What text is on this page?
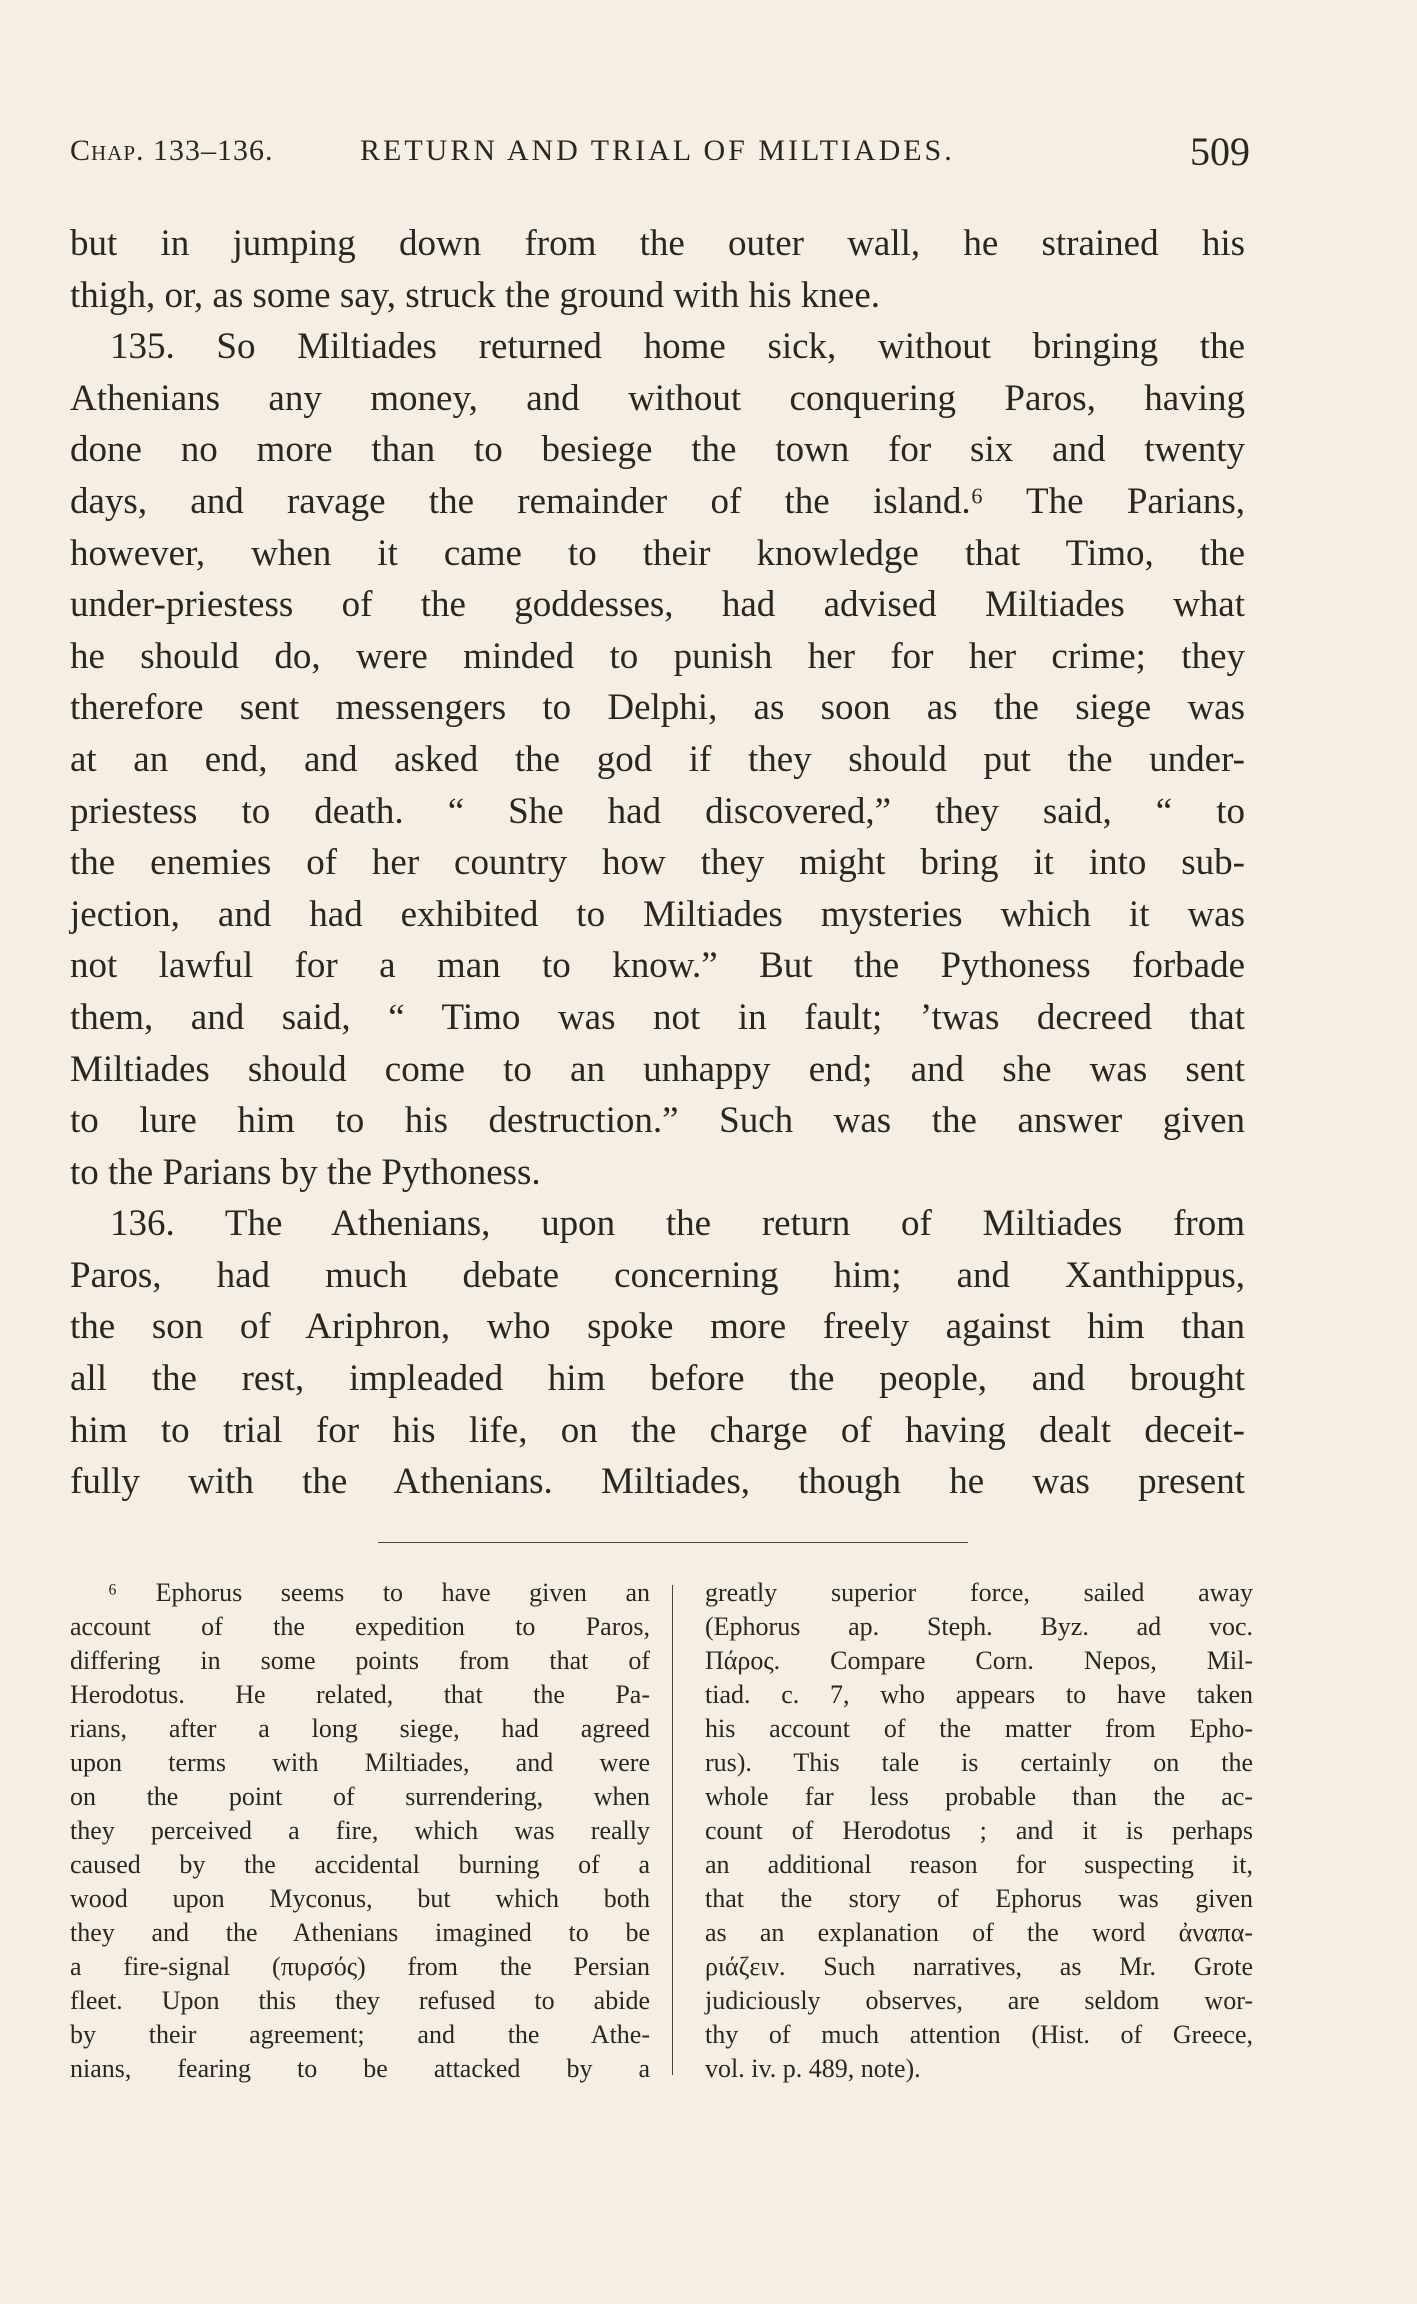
Chap. 133–136.	RETURN AND TRIAL OF MILTIADES.	509
but in jumping down from the outer wall, he strained his
thigh, or, as some say, struck the ground with his knee.
135. So Miltiades returned home sick, without bringing the
Athenians any money, and without conquering Paros, having
done no more than to besiege the town for six and twenty
days, and ravage the remainder of the island.⁶ The Parians,
however, when it came to their knowledge that Timo, the
under-priestess of the goddesses, had advised Miltiades what
he should do, were minded to punish her for her crime; they
therefore sent messengers to Delphi, as soon as the siege was
at an end, and asked the god if they should put the under-
priestess to death. “ She had discovered,” they said, “ to
the enemies of her country how they might bring it into sub-
jection, and had exhibited to Miltiades mysteries which it was
not lawful for a man to know.” But the Pythoness forbade
them, and said, “ Timo was not in fault; ’twas decreed that
Miltiades should come to an unhappy end; and she was sent
to lure him to his destruction.” Such was the answer given
to the Parians by the Pythoness.
136. The Athenians, upon the return of Miltiades from
Paros, had much debate concerning him; and Xanthippus,
the son of Ariphron, who spoke more freely against him than
all the rest, impleaded him before the people, and brought
him to trial for his life, on the charge of having dealt deceit-
fully with the Athenians. Miltiades, though he was present
⁶ Ephorus seems to have given an
account of the expedition to Paros,
differing in some points from that of
Herodotus. He related, that the Pa-
rians, after a long siege, had agreed
upon terms with Miltiades, and were
on the point of surrendering, when
they perceived a fire, which was really
caused by the accidental burning of a
wood upon Myconus, but which both
they and the Athenians imagined to be
a fire-signal (πυρσός) from the Persian
fleet. Upon this they refused to abide
by their agreement; and the Athe-
nians, fearing to be attacked by a
greatly superior force, sailed away
(Ephorus ap. Steph. Byz. ad voc.
Πάρος. Compare Corn. Nepos, Mil-
tiad. c. 7, who appears to have taken
his account of the matter from Epho-
rus). This tale is certainly on the
whole far less probable than the ac-
count of Herodotus ; and it is perhaps
an additional reason for suspecting it,
that the story of Ephorus was given
as an explanation of the word ἀναπα-
ριάζειν. Such narratives, as Mr. Grote
judiciously observes, are seldom wor-
thy of much attention (Hist. of Greece,
vol. iv. p. 489, note).
